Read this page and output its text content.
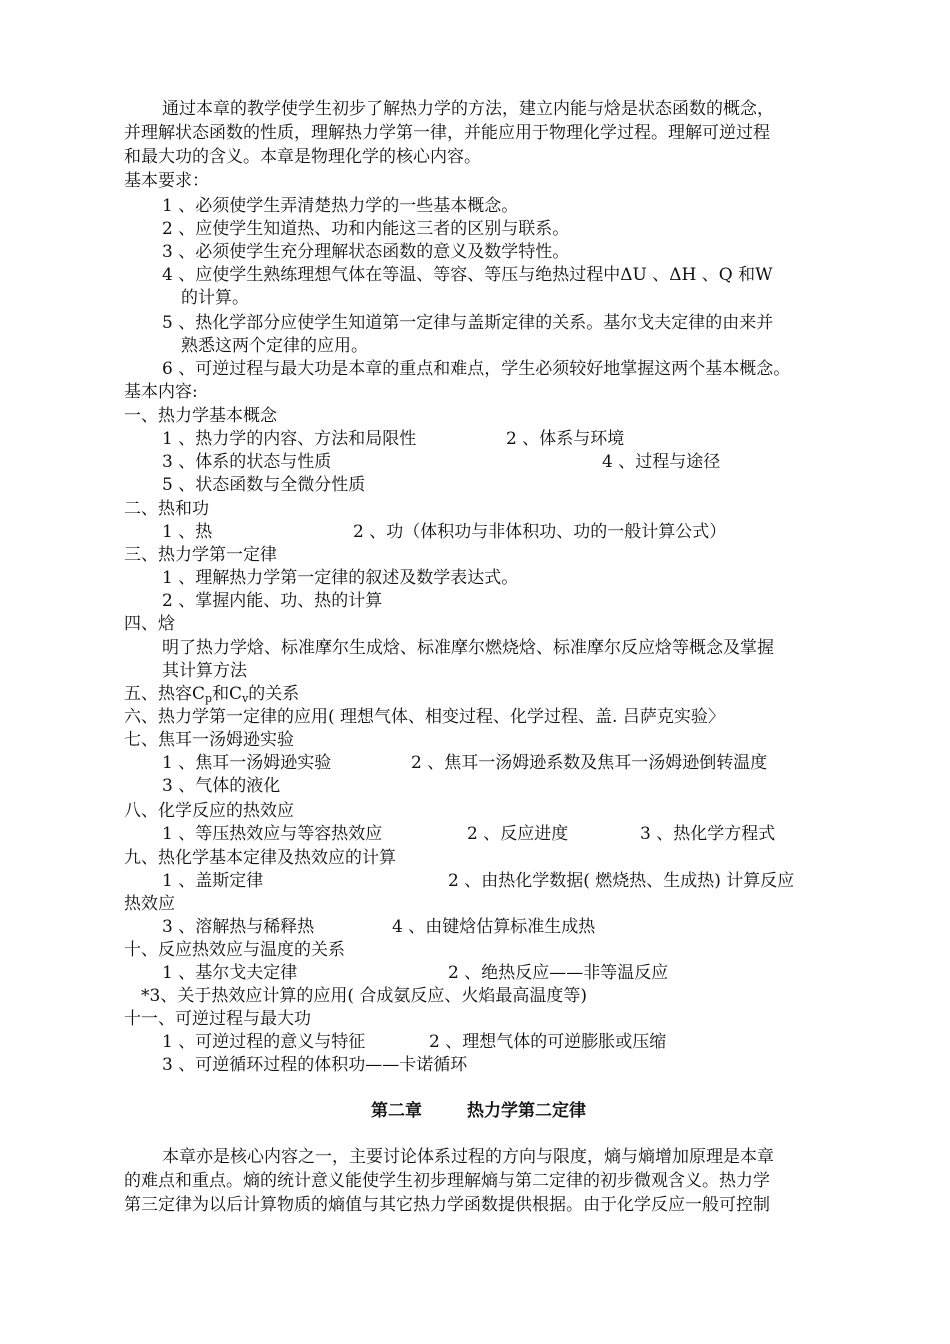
通过本章的教学使学生初步了解热力学的方法，建立内能与焓是状态函数的概念，
并理解状态函数的性质，理解热力学第一律，并能应用于物理化学过程。理解可逆过程
和最大功的含义。本章是物理化学的核心内容。
基本要求：
1 、必须使学生弄清楚热力学的一些基本概念。
2 、应使学生知道热、功和内能这三者的区别与联系。
3 、必须使学生充分理解状态函数的意义及数学特性。
4 、应使学生熟练理想气体在等温、等容、等压与绝热过程中ΔU 、ΔH 、Q 和W
的计算。
5 、热化学部分应使学生知道第一定律与盖斯定律的关系。基尔戈夫定律的由来并
熟悉这两个定律的应用。
6 、可逆过程与最大功是本章的重点和难点，学生必须较好地掌握这两个基本概念。
基本内容:
一、热力学基本概念
1 、热力学的内容、方法和局限性	2 、体系与环境
3 、体系的状态与性质	4 、过程与途径
5 、状态函数与全微分性质
二、热和功
1 、热	2 、功（体积功与非体积功、功的一般计算公式）
三、热力学第一定律
1 、理解热力学第一定律的叙述及数学表达式。
2 、掌握内能、功、热的计算
四、焓
明了热力学焓、标准摩尔生成焓、标准摩尔燃烧焓、标准摩尔反应焓等概念及掌握
其计算方法
五、热容$C_p$和$C_v$的关系
六、热力学第一定律的应用( 理想气体、相变过程、化学过程、盖. 吕萨克实验〉
七、焦耳一汤姆逊实验
1 、焦耳一汤姆逊实验	2 、焦耳一汤姆逊系数及焦耳一汤姆逊倒转温度
3 、气体的液化
八、化学反应的热效应
1 、等压热效应与等容热效应	2 、反应进度	3 、热化学方程式
九、热化学基本定律及热效应的计算
1 、盖斯定律	2 、由热化学数据( 燃烧热、生成热) 计算反应
热效应
3 、溶解热与稀释热	4 、由键焓估算标准生成热
十、反应热效应与温度的关系
1 、基尔戈夫定律	2 、绝热反应——非等温反应
*3、关于热效应计算的应用( 合成氨反应、火焰最高温度等)
十一、可逆过程与最大功
1 、可逆过程的意义与特征	2 、理想气体的可逆膨胀或压缩
3 、可逆循环过程的体积功——卡诺循环
第二章	热力学第二定律
本章亦是核心内容之一，主要讨论体系过程的方向与限度，熵与熵增加原理是本章
的难点和重点。熵的统计意义能使学生初步理解熵与第二定律的初步微观含义。热力学
第三定律为以后计算物质的熵值与其它热力学函数提供根据。由于化学反应一般可控制
